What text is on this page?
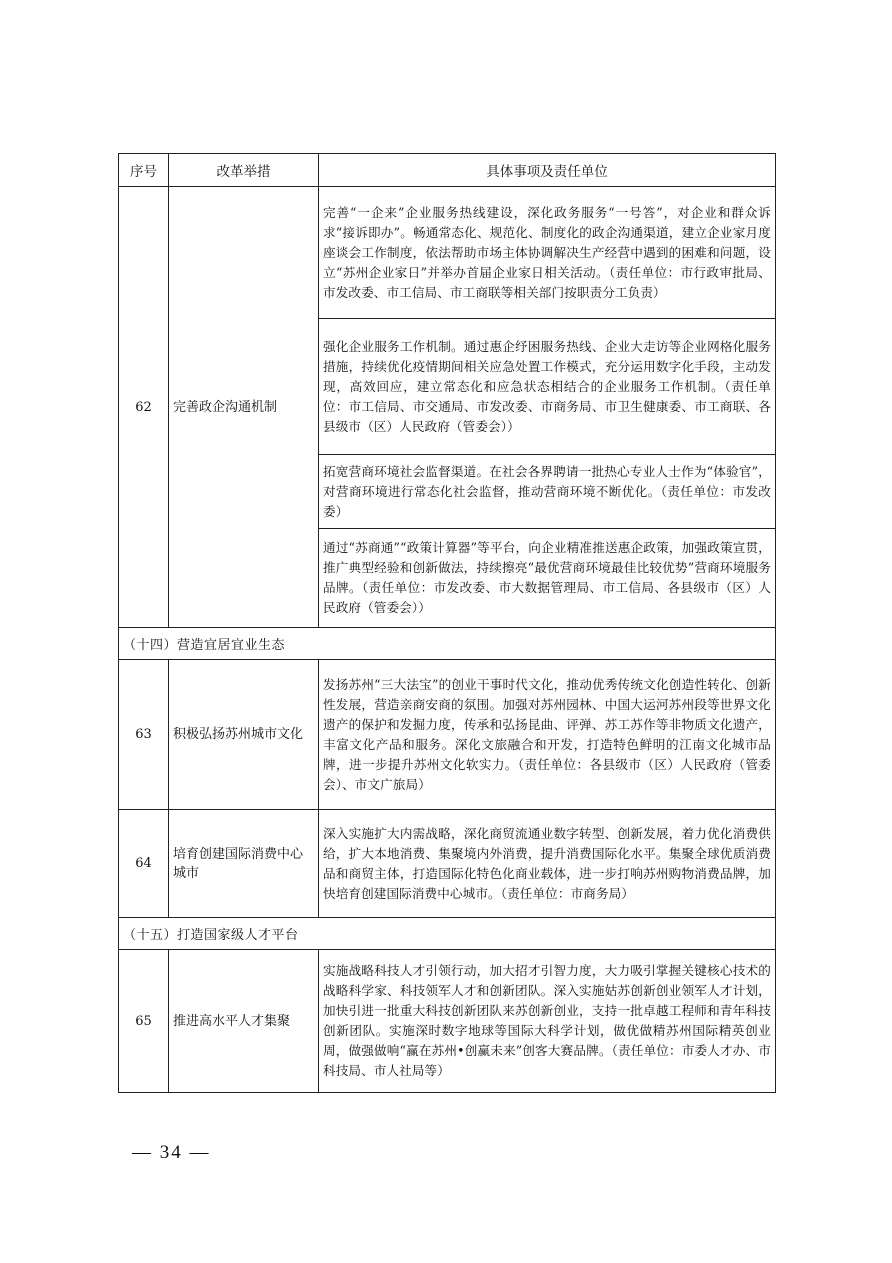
序号	改革举措	具体事项及责任单位
62	完善政企沟通机制	完善“一企来”企业服务热线建设，深化政务服务“一号答”，对企业和群众诉求“接诉即办”。畅通常态化、规范化、制度化的政企沟通渠道，建立企业家月度座谈会工作制度，依法帮助市场主体协调解决生产经营中遇到的困难和问题，设立“苏州企业家日”并举办首届企业家日相关活动。（责任单位：市行政审批局、市发改委、市工信局、市工商联等相关部门按职责分工负责）
		强化企业服务工作机制。通过惠企纾困服务热线、企业大走访等企业网格化服务措施，持续优化疫情期间相关应急处置工作模式，充分运用数字化手段，主动发现，高效回应，建立常态化和应急状态相结合的企业服务工作机制。（责任单位：市工信局、市交通局、市发改委、市商务局、市卫生健康委、市工商联、各县级市（区）人民政府（管委会））
		拓宽营商环境社会监督渠道。在社会各界聘请一批热心专业人士作为“体验官”，对营商环境进行常态化社会监督，推动营商环境不断优化。（责任单位：市发改委）
		通过“苏商通”“政策计算器”等平台，向企业精准推送惠企政策，加强政策宣贯，推广典型经验和创新做法，持续擦亮“最优营商环境最佳比较优势”营商环境服务品牌。（责任单位：市发改委、市大数据管理局、市工信局、各县级市（区）人民政府（管委会））
（十四）营造宜居宜业生态		
63	积极弘扬苏州城市文化	发扬苏州“三大法宝”的创业干事时代文化，推动优秀传统文化创造性转化、创新性发展，营造亲商安商的氛围。加强对苏州园林、中国大运河苏州段等世界文化遗产的保护和发掘力度，传承和弘扬昆曲、评弹、苏工苏作等非物质文化遗产，丰富文化产品和服务。深化文旅融合和开发，打造特色鲜明的江南文化城市品牌，进一步提升苏州文化软实力。（责任单位：各县级市（区）人民政府（管委会）、市文广旅局）
64	培育创建国际消费中心城市	深入实施扩大内需战略，深化商贸流通业数字转型、创新发展，着力优化消费供给，扩大本地消费、集聚境内外消费，提升消费国际化水平。集聚全球优质消费品和商贸主体，打造国际化特色化商业载体，进一步打响苏州购物消费品牌，加快培育创建国际消费中心城市。（责任单位：市商务局）
（十五）打造国家级人才平台		
65	推进高水平人才集聚	实施战略科技人才引领行动，加大招才引智力度，大力吸引掌握关键核心技术的战略科学家、科技领军人才和创新团队。深入实施姑苏创新创业领军人才计划，加快引进一批重大科技创新团队来苏创新创业，支持一批卓越工程师和青年科技创新团队。实施深时数字地球等国际大科学计划，做优做精苏州国际精英创业周，做强做响“赢在苏州•创赢未来”创客大赛品牌。（责任单位：市委人才办、市科技局、市人社局等）
— 34 —
